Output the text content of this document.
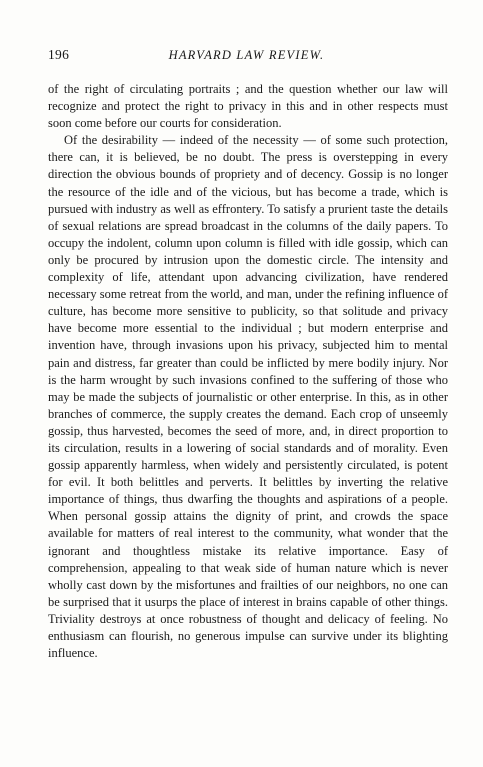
196	HARVARD LAW REVIEW.

of the right of circulating portraits ; and the question whether our law will recognize and protect the right to privacy in this and in other respects must soon come before our courts for consideration.

Of the desirability — indeed of the necessity — of some such protection, there can, it is believed, be no doubt. The press is overstepping in every direction the obvious bounds of propriety and of decency. Gossip is no longer the resource of the idle and of the vicious, but has become a trade, which is pursued with industry as well as effrontery. To satisfy a prurient taste the details of sexual relations are spread broadcast in the columns of the daily papers. To occupy the indolent, column upon column is filled with idle gossip, which can only be procured by intrusion upon the domestic circle. The intensity and complexity of life, attendant upon advancing civilization, have rendered necessary some retreat from the world, and man, under the refining influence of culture, has become more sensitive to publicity, so that solitude and privacy have become more essential to the individual ; but modern enterprise and invention have, through invasions upon his privacy, subjected him to mental pain and distress, far greater than could be inflicted by mere bodily injury. Nor is the harm wrought by such invasions confined to the suffering of those who may be made the subjects of journalistic or other enterprise. In this, as in other branches of commerce, the supply creates the demand. Each crop of unseemly gossip, thus harvested, becomes the seed of more, and, in direct proportion to its circulation, results in a lowering of social standards and of morality. Even gossip apparently harmless, when widely and persistently circulated, is potent for evil. It both belittles and perverts. It belittles by inverting the relative importance of things, thus dwarfing the thoughts and aspirations of a people. When personal gossip attains the dignity of print, and crowds the space available for matters of real interest to the community, what wonder that the ignorant and thoughtless mistake its relative importance. Easy of comprehension, appealing to that weak side of human nature which is never wholly cast down by the misfortunes and frailties of our neighbors, no one can be surprised that it usurps the place of interest in brains capable of other things. Triviality destroys at once robustness of thought and delicacy of feeling. No enthusiasm can flourish, no generous impulse can survive under its blighting influence.
